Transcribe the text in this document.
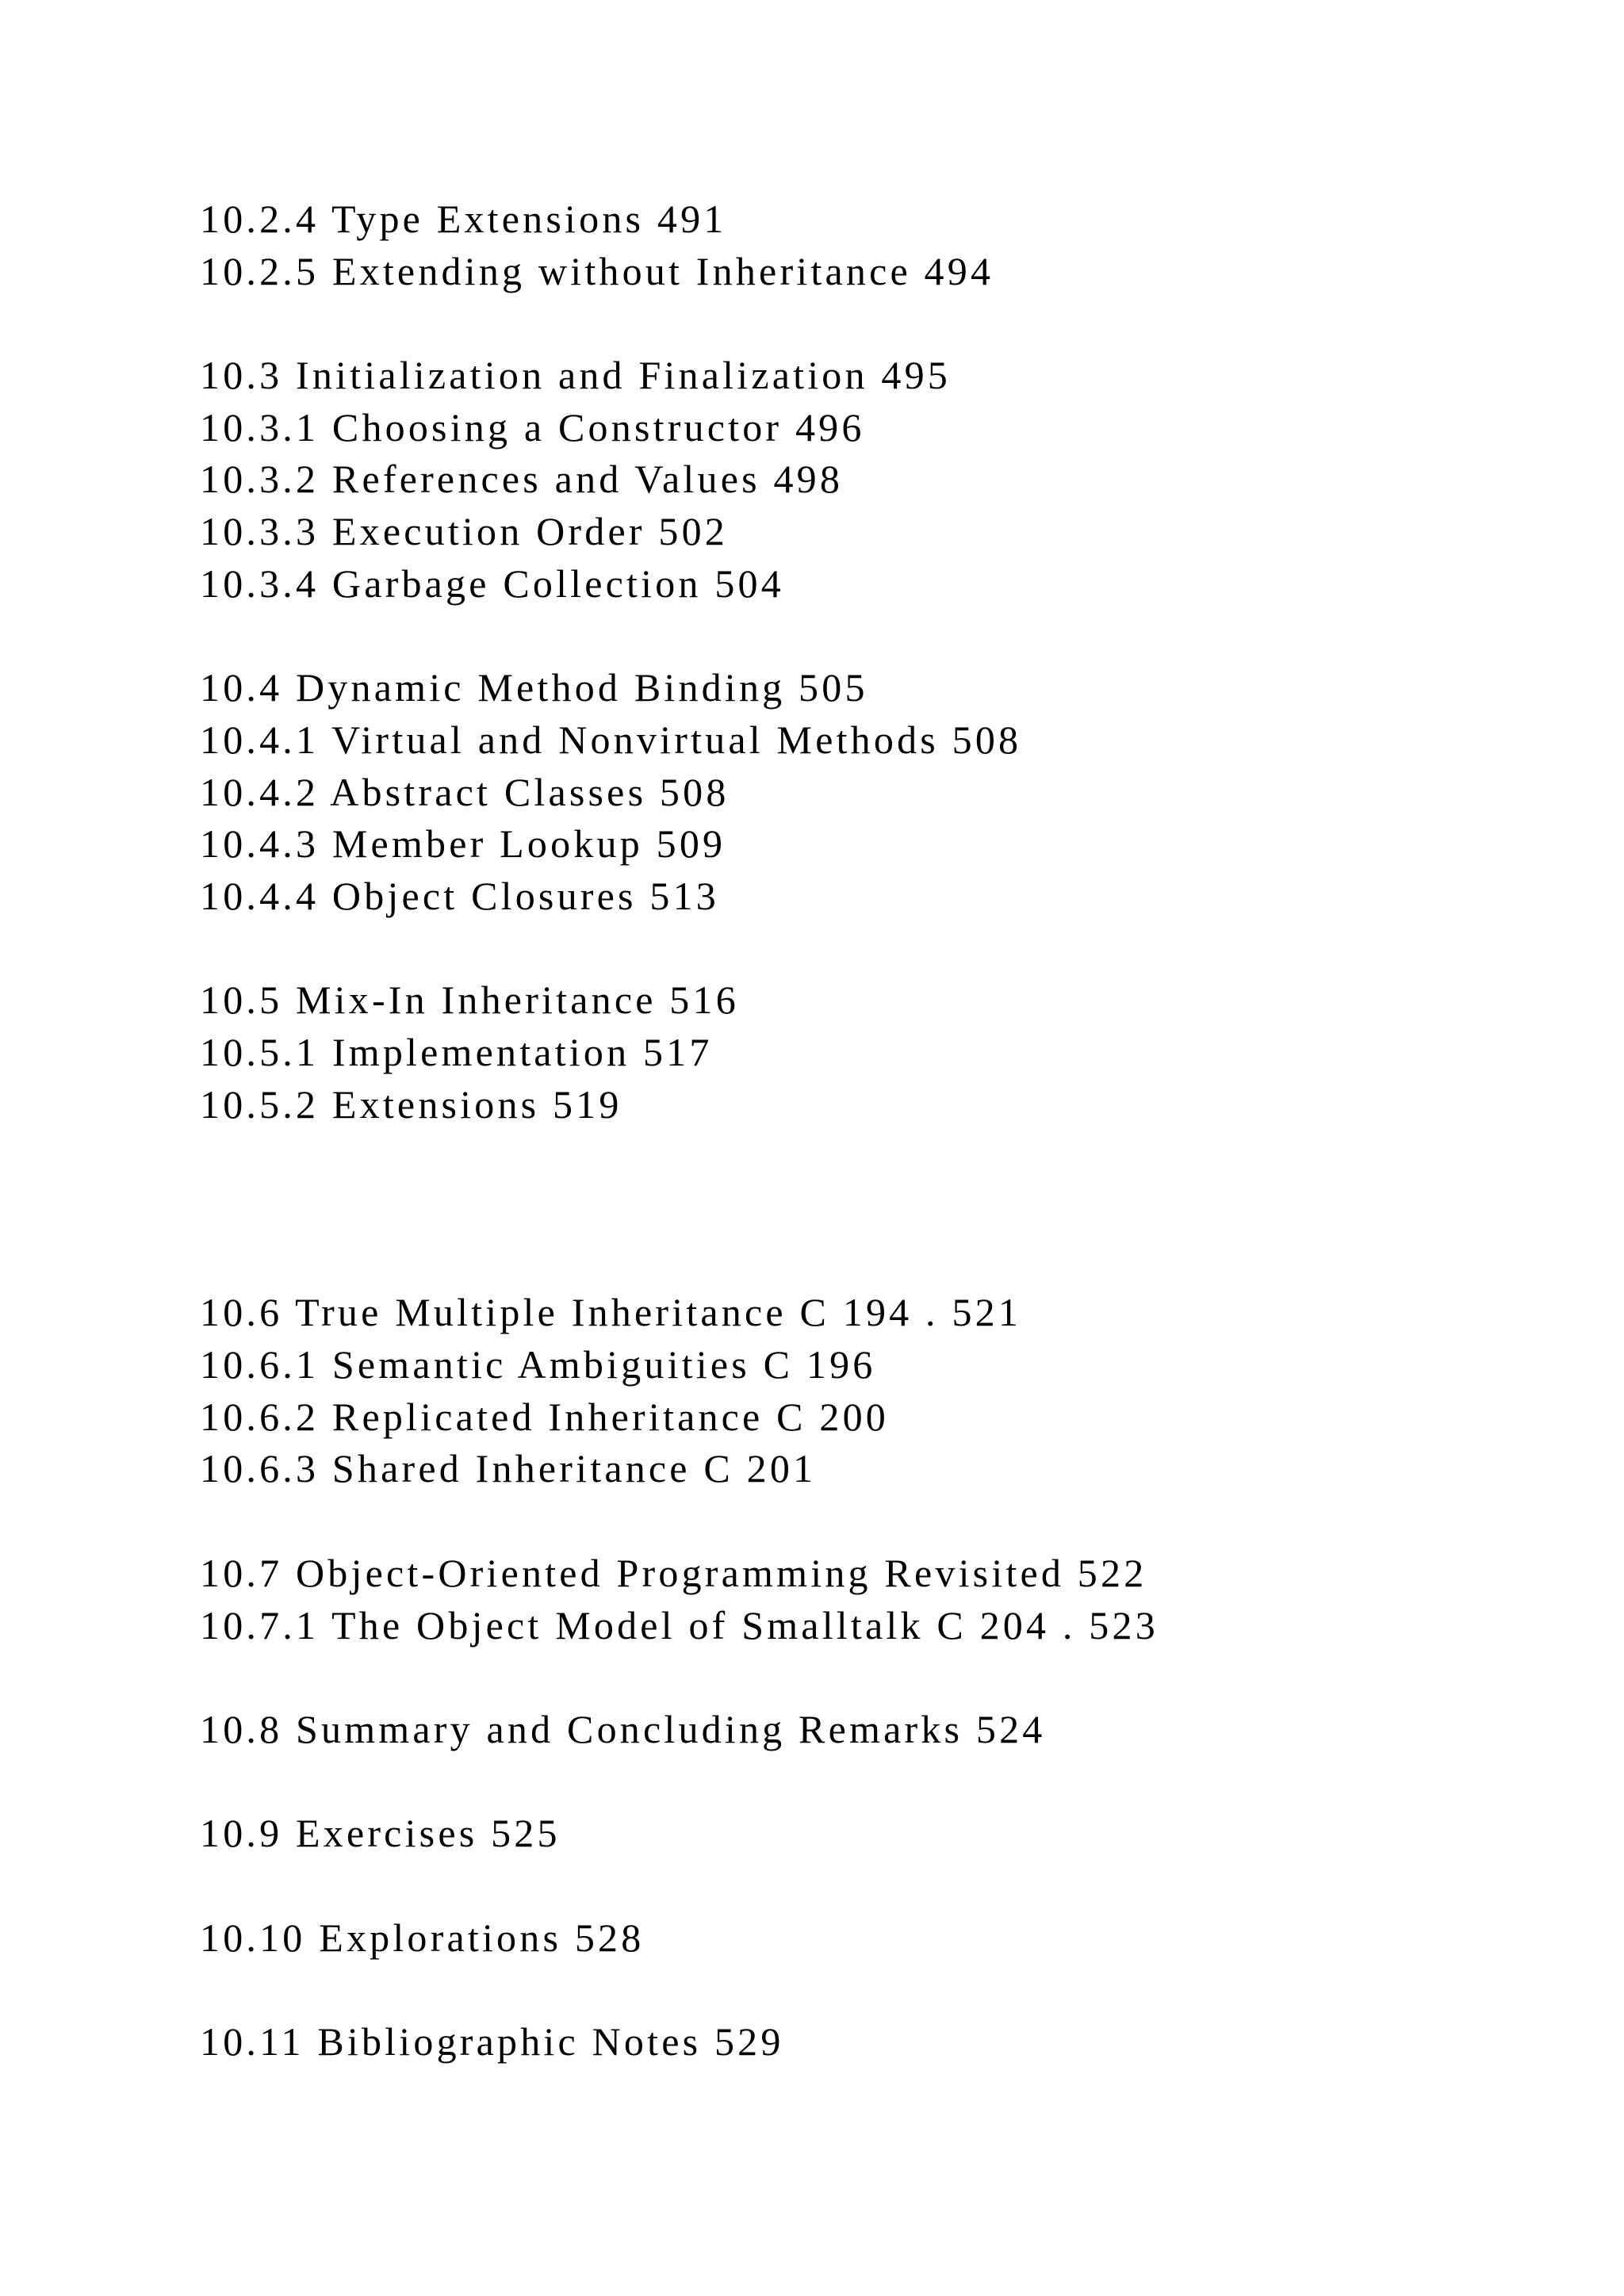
10.2.4 Type Extensions 491
10.2.5 Extending without Inheritance 494
10.3 Initialization and Finalization 495
10.3.1 Choosing a Constructor 496
10.3.2 References and Values 498
10.3.3 Execution Order 502
10.3.4 Garbage Collection 504
10.4 Dynamic Method Binding 505
10.4.1 Virtual and Nonvirtual Methods 508
10.4.2 Abstract Classes 508
10.4.3 Member Lookup 509
10.4.4 Object Closures 513
10.5 Mix-In Inheritance 516
10.5.1 Implementation 517
10.5.2 Extensions 519
10.6 True Multiple Inheritance C 194 . 521
10.6.1 Semantic Ambiguities C 196
10.6.2 Replicated Inheritance C 200
10.6.3 Shared Inheritance C 201
10.7 Object-Oriented Programming Revisited 522
10.7.1 The Object Model of Smalltalk C 204 . 523
10.8 Summary and Concluding Remarks 524
10.9 Exercises 525
10.10 Explorations 528
10.11 Bibliographic Notes 529
